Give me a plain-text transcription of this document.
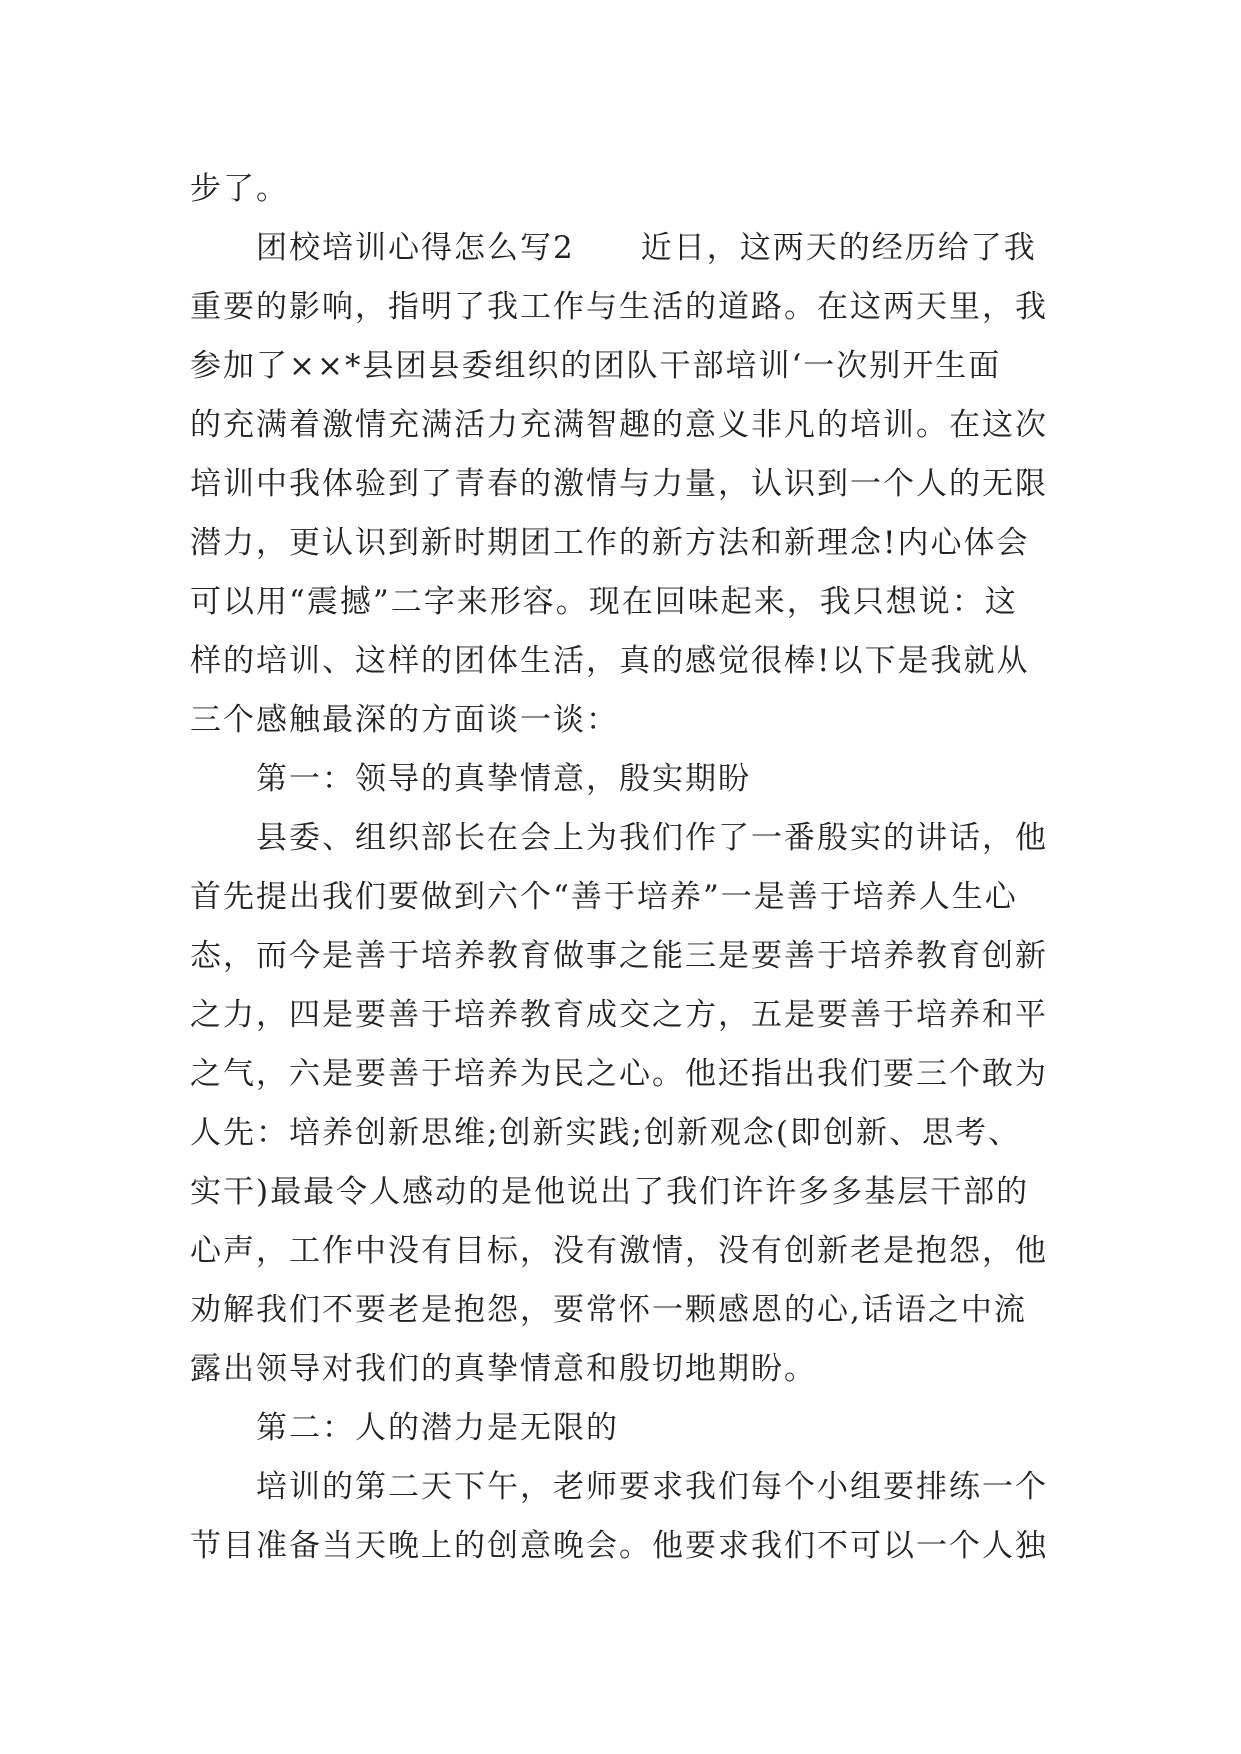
步了。
团校培训心得怎么写2　　近日，这两天的经历给了我
重要的影响，指明了我工作与生活的道路。在这两天里，我
参加了××*县团县委组织的团队干部培训‘一次别开生面
的充满着激情充满活力充满智趣的意义非凡的培训。在这次
培训中我体验到了青春的激情与力量，认识到一个人的无限
潜力，更认识到新时期团工作的新方法和新理念!内心体会
可以用“震撼”二字来形容。现在回味起来，我只想说：这
样的培训、这样的团体生活，真的感觉很棒!以下是我就从
三个感触最深的方面谈一谈：
第一：领导的真挚情意，殷实期盼
县委、组织部长在会上为我们作了一番殷实的讲话，他
首先提出我们要做到六个“善于培养”一是善于培养人生心
态，而今是善于培养教育做事之能三是要善于培养教育创新
之力，四是要善于培养教育成交之方，五是要善于培养和平
之气，六是要善于培养为民之心。他还指出我们要三个敢为
人先：培养创新思维;创新实践;创新观念(即创新、思考、
实干)最最令人感动的是他说出了我们许许多多基层干部的
心声，工作中没有目标，没有激情，没有创新老是抱怨，他
劝解我们不要老是抱怨，要常怀一颗感恩的心,话语之中流
露出领导对我们的真挚情意和殷切地期盼。
第二：人的潜力是无限的
培训的第二天下午，老师要求我们每个小组要排练一个
节目准备当天晚上的创意晚会。他要求我们不可以一个人独
